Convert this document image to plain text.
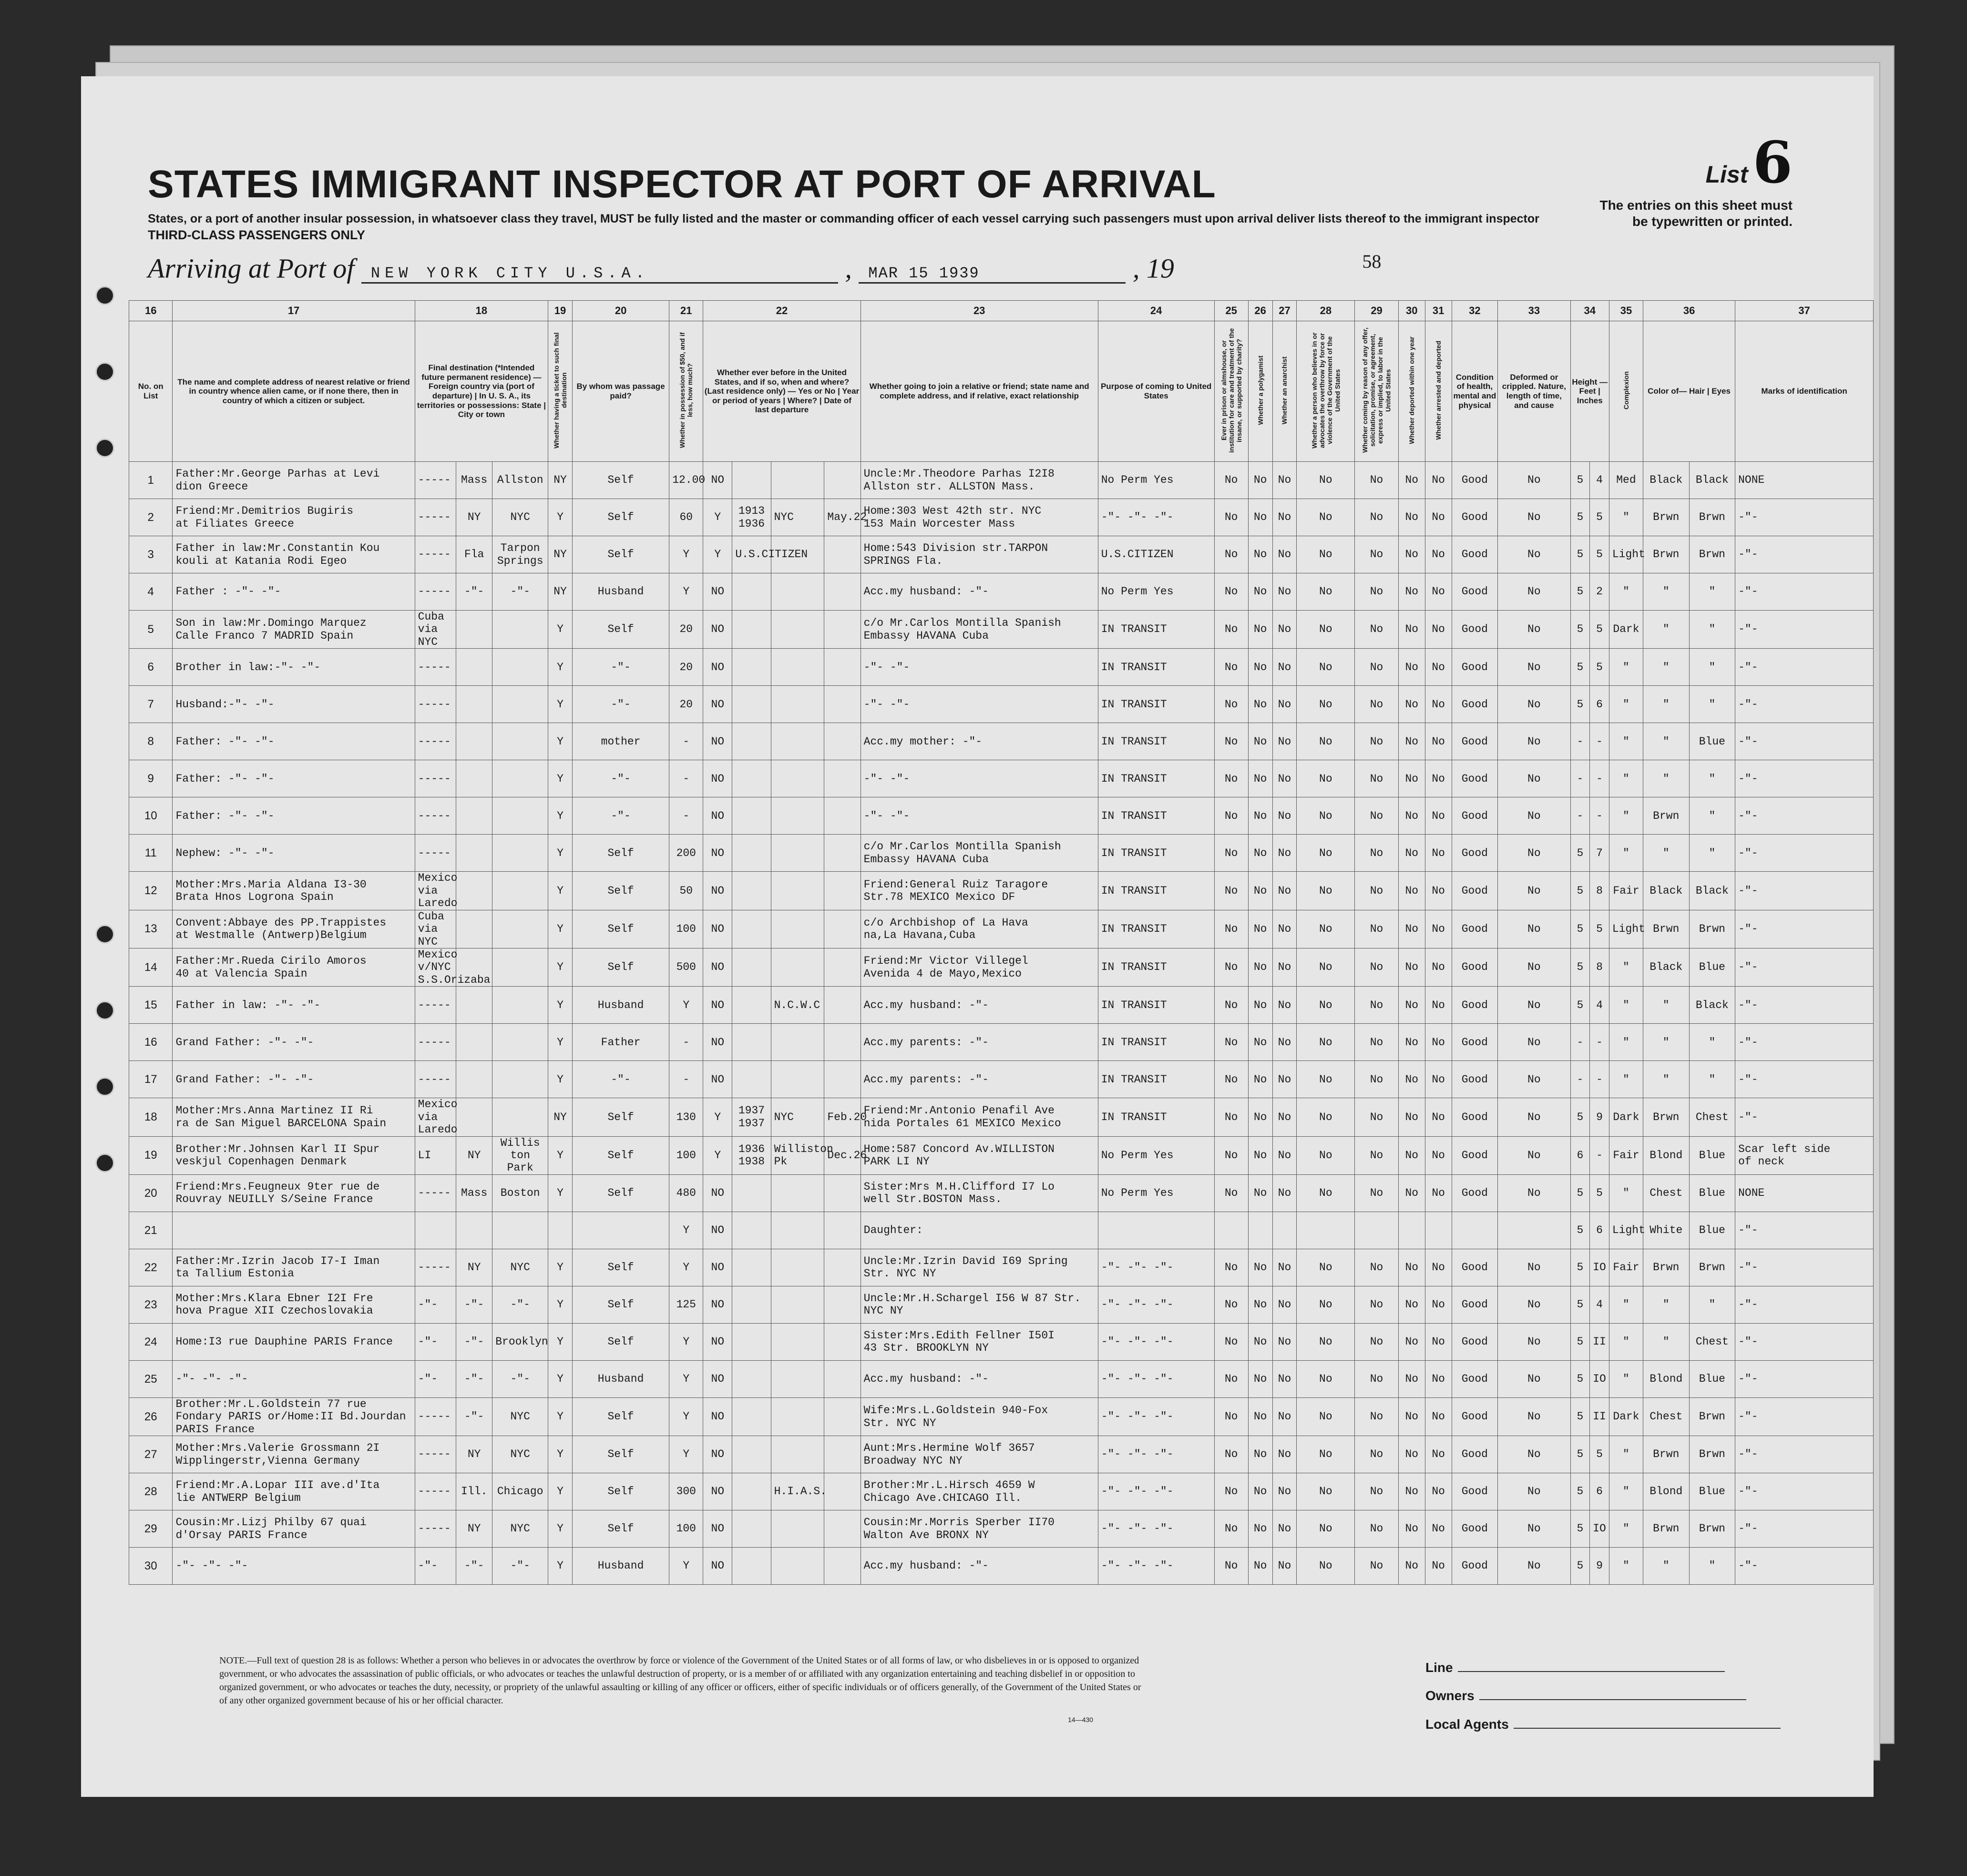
STATES IMMIGRANT INSPECTOR AT PORT OF ARRIVAL
States, or a port of another insular possession, in whatsoever class they travel, MUST be fully listed and the master or commanding officer of each vessel carrying such passengers must upon arrival deliver lists thereof to the immigrant inspector
THIRD-CLASS PASSENGERS ONLY
List6
The entries on this sheet must be typewritten or printed.
Arriving at Port of NEW YORK CITY U.S.A.	, MAR 15 1939	, 19	$^{58}$
16	17	18			19	20	21	22				23	24	25	26	27	28	29	30	31	32	33	34		35	36		37
No. on List	The name and complete address of nearest relative or friend in country whence alien came, or if none there, then in country of which a citizen or subject.	Final destination (*Intended future permanent residence) — Foreign country via (port of departure) | In U. S. A., its territories or possessions: State | City or town			Whether having a ticket to such final destination	By whom was passage paid?	Whether in possession of $50, and if less, how much?	Whether ever before in the United States, and if so, when and where? (Last residence only) — Yes or No | Year or period of years | Where? | Date of last departure				Whether going to join a relative or friend; state name and complete address, and if relative, exact relationship	Purpose of coming to United States	Ever in prison or almshouse, or institution for care and treatment of the insane, or supported by charity?	Whether a polygamist	Whether an anarchist	Whether a person who believes in or advocates the overthrow by force or violence of the Government of the United States	Whether coming by reason of any offer, solicitation, promise, or agreement, express or implied, to labor in the United States	Whether deported within one year	Whether arrested and deported	Condition of health, mental and physical	Deformed or crippled. Nature, length of time, and cause	Height — Feet | Inches		Complexion	Color of— Hair | Eyes		Marks of identification
1	Father:Mr.George Parhas at Levi
dion Greece	-----	Mass	Allston	NY	Self	12.00	NO				Uncle:Mr.Theodore Parhas I2I8
Allston str. ALLSTON Mass.	No Perm Yes	No	No	No	No	No	No	No	Good	No	5	4	Med	Black	Black	NONE
2	Friend:Mr.Demitrios Bugiris
at Filiates Greece	-----	NY	NYC	Y	Self	60	Y	1913
1936	NYC	May.22	Home:303 West 42th str. NYC
153 Main Worcester Mass	-"- -"- -"-	No	No	No	No	No	No	No	Good	No	5	5	"	Brwn	Brwn	-"-
3	Father in law:Mr.Constantin Kou
kouli at Katania Rodi Egeo	-----	Fla	Tarpon
Springs	NY	Self	Y	Y	U.S.CITIZEN			Home:543 Division str.TARPON
SPRINGS Fla.	U.S.CITIZEN	No	No	No	No	No	No	No	Good	No	5	5	Light	Brwn	Brwn	-"-
4	Father : -"- -"-	-----	-"-	-"-	NY	Husband	Y	NO				Acc.my husband: -"-	No Perm Yes	No	No	No	No	No	No	No	Good	No	5	2	"	"	"	-"-
5	Son in law:Mr.Domingo Marquez
Calle Franco 7 MADRID Spain	Cuba via NYC			Y	Self	20	NO				c/o Mr.Carlos Montilla Spanish
Embassy HAVANA Cuba	IN TRANSIT	No	No	No	No	No	No	No	Good	No	5	5	Dark	"	"	-"-
6	Brother in law:-"- -"-	-----			Y	-"-	20	NO				-"- -"-	IN TRANSIT	No	No	No	No	No	No	No	Good	No	5	5	"	"	"	-"-
7	Husband:-"- -"-	-----			Y	-"-	20	NO				-"- -"-	IN TRANSIT	No	No	No	No	No	No	No	Good	No	5	6	"	"	"	-"-
8	Father: -"- -"-	-----			Y	mother	-	NO				Acc.my mother: -"-	IN TRANSIT	No	No	No	No	No	No	No	Good	No	-	-	"	"	Blue	-"-
9	Father: -"- -"-	-----			Y	-"-	-	NO				-"- -"-	IN TRANSIT	No	No	No	No	No	No	No	Good	No	-	-	"	"	"	-"-
10	Father: -"- -"-	-----			Y	-"-	-	NO				-"- -"-	IN TRANSIT	No	No	No	No	No	No	No	Good	No	-	-	"	Brwn	"	-"-
11	Nephew: -"- -"-	-----			Y	Self	200	NO				c/o Mr.Carlos Montilla Spanish
Embassy HAVANA Cuba	IN TRANSIT	No	No	No	No	No	No	No	Good	No	5	7	"	"	"	-"-
12	Mother:Mrs.Maria Aldana I3-30
Brata Hnos Logrona Spain	Mexico via Laredo			Y	Self	50	NO				Friend:General Ruiz Taragore
Str.78 MEXICO Mexico DF	IN TRANSIT	No	No	No	No	No	No	No	Good	No	5	8	Fair	Black	Black	-"-
13	Convent:Abbaye des PP.Trappistes
at Westmalle (Antwerp)Belgium	Cuba via NYC			Y	Self	100	NO				c/o Archbishop of La Hava
na,La Havana,Cuba	IN TRANSIT	No	No	No	No	No	No	No	Good	No	5	5	Light	Brwn	Brwn	-"-
14	Father:Mr.Rueda Cirilo Amoros
40 at Valencia Spain	Mexico v/NYC
S.S.Orizaba			Y	Self	500	NO				Friend:Mr Victor Villegel
Avenida 4 de Mayo,Mexico	IN TRANSIT	No	No	No	No	No	No	No	Good	No	5	8	"	Black	Blue	-"-
15	Father in law: -"- -"-	-----			Y	Husband	Y	NO		N.C.W.C		Acc.my husband: -"-	IN TRANSIT	No	No	No	No	No	No	No	Good	No	5	4	"	"	Black	-"-
16	Grand Father: -"- -"-	-----			Y	Father	-	NO				Acc.my parents: -"-	IN TRANSIT	No	No	No	No	No	No	No	Good	No	-	-	"	"	"	-"-
17	Grand Father: -"- -"-	-----			Y	-"-	-	NO				Acc.my parents: -"-	IN TRANSIT	No	No	No	No	No	No	No	Good	No	-	-	"	"	"	-"-
18	Mother:Mrs.Anna Martinez II Ri
ra de San Miguel BARCELONA Spain	Mexico via Laredo			NY	Self	130	Y	1937
1937	NYC	Feb.20	Friend:Mr.Antonio Penafil Ave
nida Portales 61 MEXICO Mexico	IN TRANSIT	No	No	No	No	No	No	No	Good	No	5	9	Dark	Brwn	Chest	-"-
19	Brother:Mr.Johnsen Karl II Spur
veskjul Copenhagen Denmark	LI	NY	Willis
ton Park	Y	Self	100	Y	1936
1938	Williston Pk	Dec.26	Home:587 Concord Av.WILLISTON
PARK LI NY	No Perm Yes	No	No	No	No	No	No	No	Good	No	6	-	Fair	Blond	Blue	Scar left side
of neck
20	Friend:Mrs.Feugneux 9ter rue de
Rouvray NEUILLY S/Seine France	-----	Mass	Boston	Y	Self	480	NO				Sister:Mrs M.H.Clifford I7 Lo
well Str.BOSTON Mass.	No Perm Yes	No	No	No	No	No	No	No	Good	No	5	5	"	Chest	Blue	NONE
21							Y	NO				Daughter:											5	6	Light	White	Blue	-"-
22	Father:Mr.Izrin Jacob I7-I Iman
ta Tallium Estonia	-----	NY	NYC	Y	Self	Y	NO				Uncle:Mr.Izrin David I69 Spring
Str. NYC NY	-"- -"- -"-	No	No	No	No	No	No	No	Good	No	5	IO	Fair	Brwn	Brwn	-"-
23	Mother:Mrs.Klara Ebner I2I Fre
hova Prague XII Czechoslovakia	-"-	-"-	-"-	Y	Self	125	NO				Uncle:Mr.H.Schargel I56 W 87 Str.
NYC NY	-"- -"- -"-	No	No	No	No	No	No	No	Good	No	5	4	"	"	"	-"-
24	Home:I3 rue Dauphine PARIS France	-"-	-"-	Brooklyn	Y	Self	Y	NO				Sister:Mrs.Edith Fellner I50I
43 Str. BROOKLYN NY	-"- -"- -"-	No	No	No	No	No	No	No	Good	No	5	II	"	"	Chest	-"-
25	-"- -"- -"-	-"-	-"-	-"-	Y	Husband	Y	NO				Acc.my husband: -"-	-"- -"- -"-	No	No	No	No	No	No	No	Good	No	5	IO	"	Blond	Blue	-"-
26	Brother:Mr.L.Goldstein 77 rue
Fondary PARIS or/Home:II Bd.Jourdan PARIS France	-----	-"-	NYC	Y	Self	Y	NO				Wife:Mrs.L.Goldstein 940-Fox
Str. NYC NY	-"- -"- -"-	No	No	No	No	No	No	No	Good	No	5	II	Dark	Chest	Brwn	-"-
27	Mother:Mrs.Valerie Grossmann 2I
Wipplingerstr,Vienna Germany	-----	NY	NYC	Y	Self	Y	NO				Aunt:Mrs.Hermine Wolf 3657
Broadway NYC NY	-"- -"- -"-	No	No	No	No	No	No	No	Good	No	5	5	"	Brwn	Brwn	-"-
28	Friend:Mr.A.Lopar III ave.d'Ita
lie ANTWERP Belgium	-----	Ill.	Chicago	Y	Self	300	NO		H.I.A.S.		Brother:Mr.L.Hirsch 4659 W
Chicago Ave.CHICAGO Ill.	-"- -"- -"-	No	No	No	No	No	No	No	Good	No	5	6	"	Blond	Blue	-"-
29	Cousin:Mr.Lizj Philby 67 quai
d'Orsay PARIS France	-----	NY	NYC	Y	Self	100	NO				Cousin:Mr.Morris Sperber II70
Walton Ave BRONX NY	-"- -"- -"-	No	No	No	No	No	No	No	Good	No	5	IO	"	Brwn	Brwn	-"-
30	-"- -"- -"-	-"-	-"-	-"-	Y	Husband	Y	NO				Acc.my husband: -"-	-"- -"- -"-	No	No	No	No	No	No	No	Good	No	5	9	"	"	"	-"-
NOTE.—Full text of question 28 is as follows: Whether a person who believes in or advocates the overthrow by force or violence of the Government of the United States or of all forms of law, or who disbelieves in or is opposed to organized government, or who advocates the assassination of public officials, or who advocates or teaches the unlawful destruction of property, or is a member of or affiliated with any organization entertaining and teaching disbelief in or opposition to organized government, or who advocates or teaches the duty, necessity, or propriety of the unlawful assaulting or killing of any officer or officers, either of specific individuals or of officers generally, of the Government of the United States or of any other organized government because of his or her official character.
14—430
Line
Owners
Local Agents
